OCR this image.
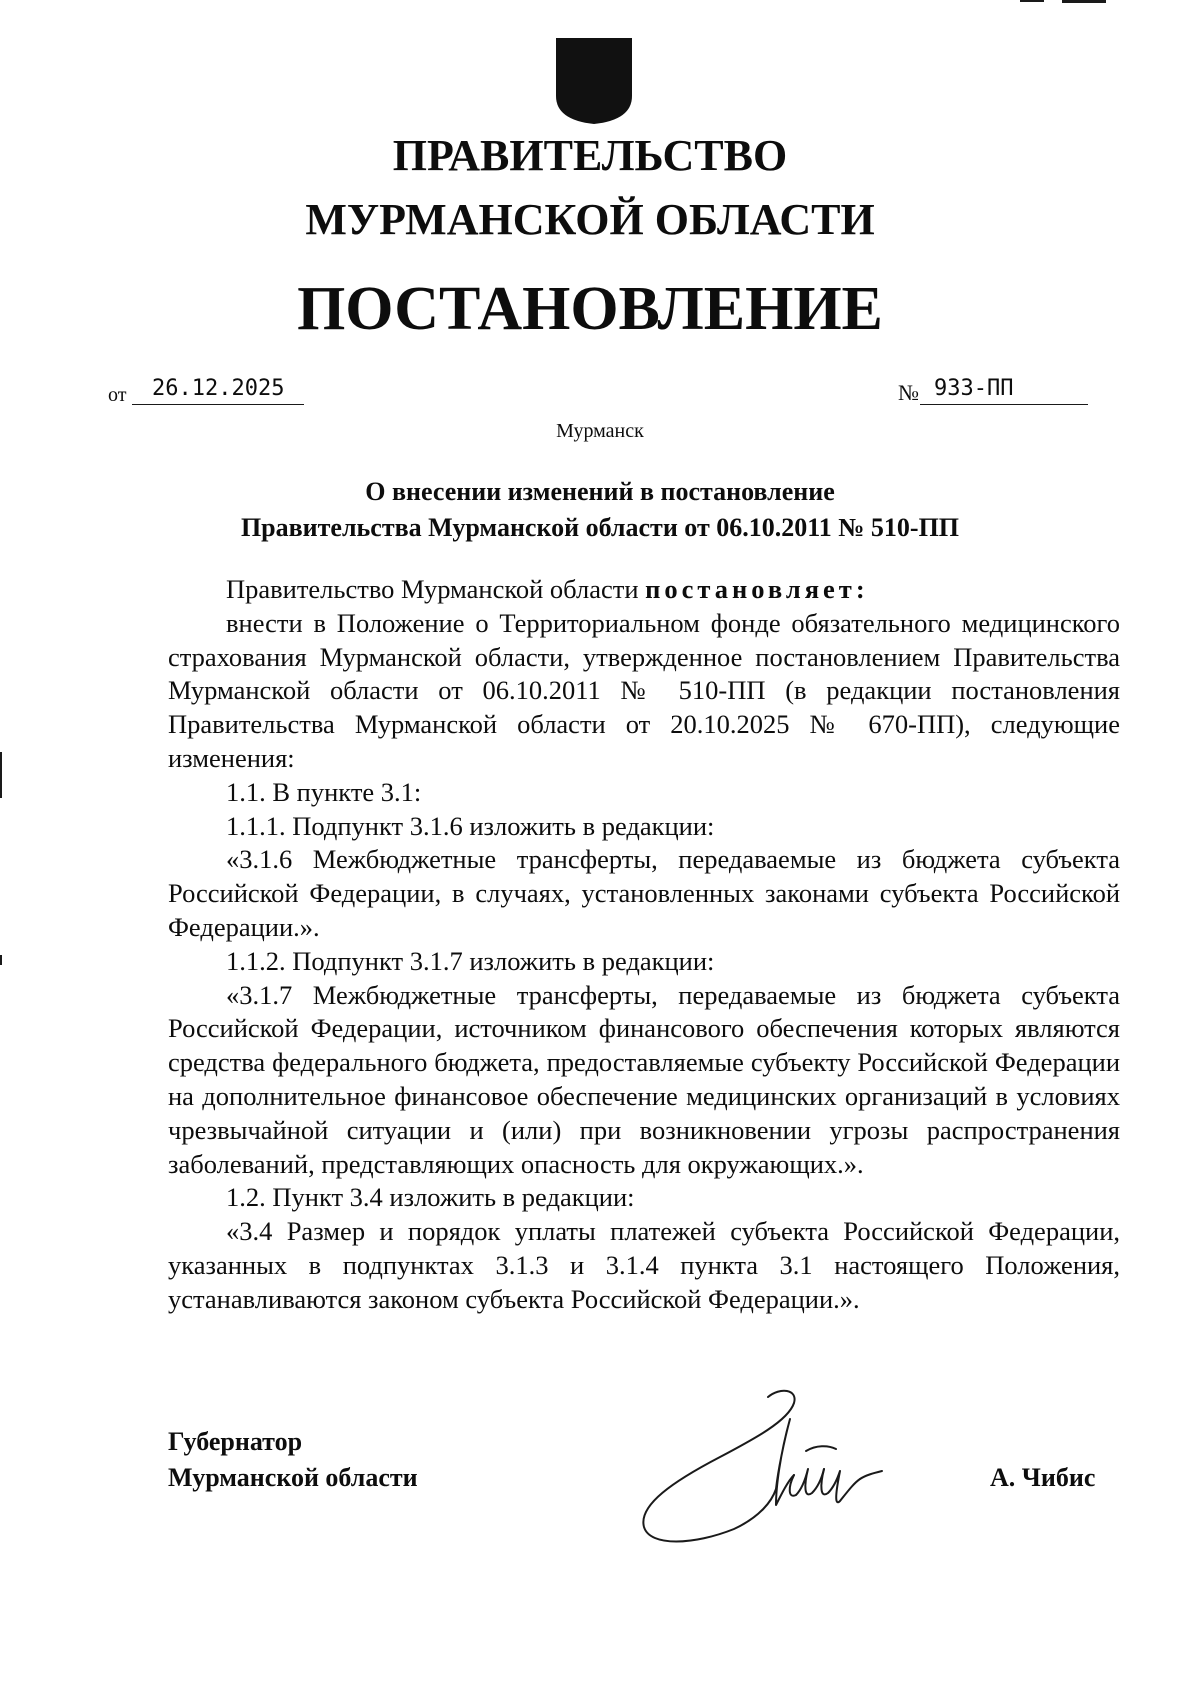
ПРАВИТЕЛЬСТВО
МУРМАНСКОЙ ОБЛАСТИ
ПОСТАНОВЛЕНИЕ
от	26.12.2025	№ 933-ПП

Мурманск

О внесении изменений в постановление
Правительства Мурманской области от 06.10.2011 № 510-ПП

Правительство Мурманской области постановляет:

внести в Положение о Территориальном фонде обязательного медицинского страхования Мурманской области, утвержденное постановлением Правительства Мурманской области от 06.10.2011 № 510-ПП (в редакции постановления Правительства Мурманской области от 20.10.2025 № 670-ПП), следующие изменения:

1.1. В пункте 3.1:

1.1.1. Подпункт 3.1.6 изложить в редакции:

«3.1.6 Межбюджетные трансферты, передаваемые из бюджета субъекта Российской Федерации, в случаях, установленных законами субъекта Российской Федерации.».

1.1.2. Подпункт 3.1.7 изложить в редакции:

«3.1.7 Межбюджетные трансферты, передаваемые из бюджета субъекта Российской Федерации, источником финансового обеспечения которых являются средства федерального бюджета, предоставляемые субъекту Российской Федерации на дополнительное финансовое обеспечение медицинских организаций в условиях чрезвычайной ситуации и (или) при возникновении угрозы распространения заболеваний, представляющих опасность для окружающих.».

1.2. Пункт 3.4 изложить в редакции:

«3.4 Размер и порядок уплаты платежей субъекта Российской Федерации, указанных в подпунктах 3.1.3 и 3.1.4 пункта 3.1 настоящего Положения, устанавливаются законом субъекта Российской Федерации.».

Губернатор
Мурманской области	А. Чибис
